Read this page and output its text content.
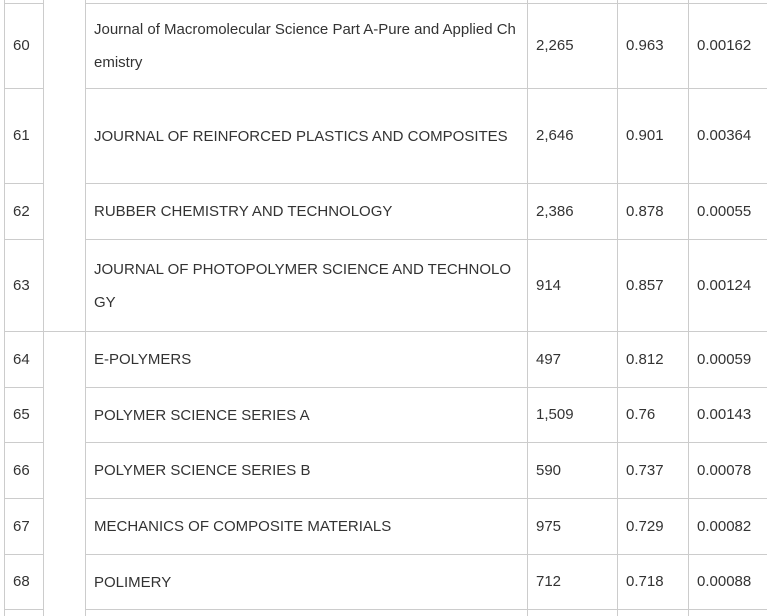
60		Journal of Macromolecular Science Part A-Pure and Applied Chemistry	2,265	0.963	0.00162
61		JOURNAL OF REINFORCED PLASTICS AND COMPOSITES	2,646	0.901	0.00364
62		RUBBER CHEMISTRY AND TECHNOLOGY	2,386	0.878	0.00055
63		JOURNAL OF PHOTOPOLYMER SCIENCE AND TECHNOLOGY	914	0.857	0.00124
64		E-POLYMERS	497	0.812	0.00059
65		POLYMER SCIENCE SERIES A	1,509	0.76	0.00143
66		POLYMER SCIENCE SERIES B	590	0.737	0.00078
67		MECHANICS OF COMPOSITE MATERIALS	975	0.729	0.00082
68		POLIMERY	712	0.718	0.00088
